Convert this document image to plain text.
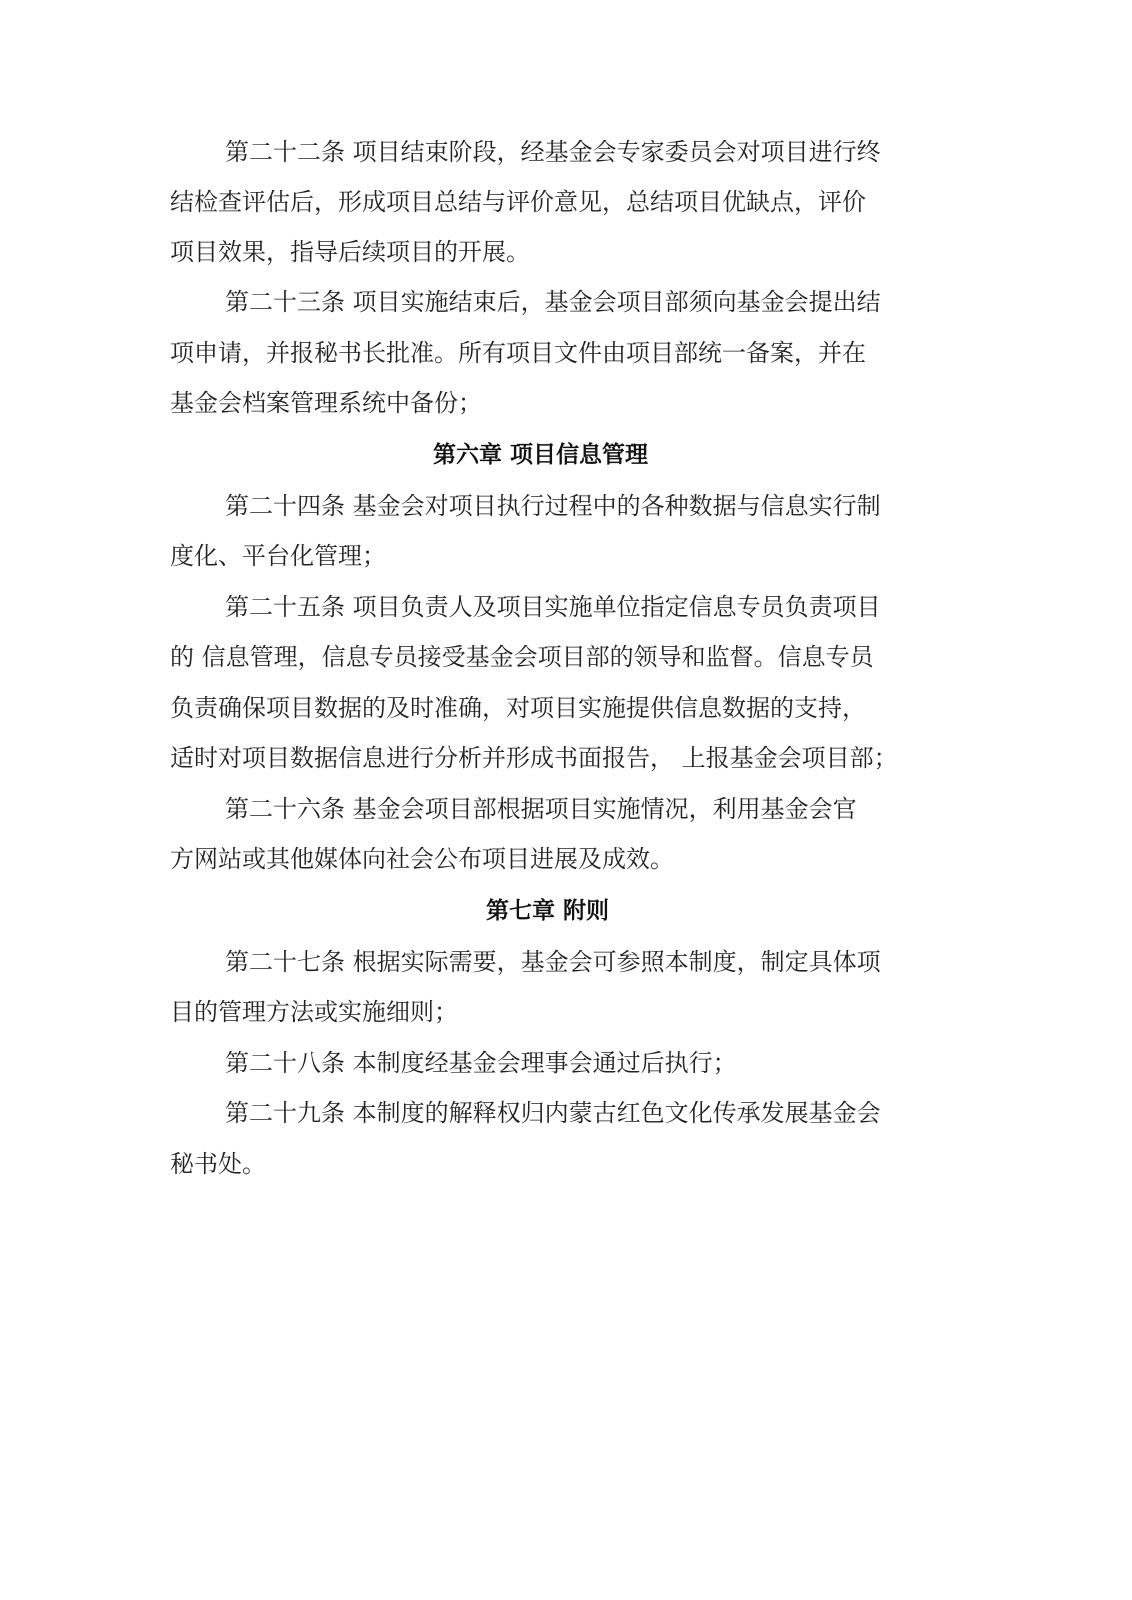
第二十二条 项目结束阶段，经基金会专家委员会对项目进行终
结检查评估后，形成项目总结与评价意见，总结项目优缺点，评价
项目效果，指导后续项目的开展。
第二十三条 项目实施结束后，基金会项目部须向基金会提出结
项申请，并报秘书长批准。所有项目文件由项目部统一备案，并在
基金会档案管理系统中备份；
第六章 项目信息管理
第二十四条 基金会对项目执行过程中的各种数据与信息实行制
度化、平台化管理；
第二十五条 项目负责人及项目实施单位指定信息专员负责项目
的 信息管理，信息专员接受基金会项目部的领导和监督。信息专员
负责确保项目数据的及时准确，对项目实施提供信息数据的支持，
适时对项目数据信息进行分析并形成书面报告， 上报基金会项目部；
第二十六条 基金会项目部根据项目实施情况，利用基金会官
方网站或其他媒体向社会公布项目进展及成效。
第七章 附则
第二十七条 根据实际需要，基金会可参照本制度，制定具体项
目的管理方法或实施细则；
第二十八条 本制度经基金会理事会通过后执行；
第二十九条 本制度的解释权归内蒙古红色文化传承发展基金会
秘书处。
